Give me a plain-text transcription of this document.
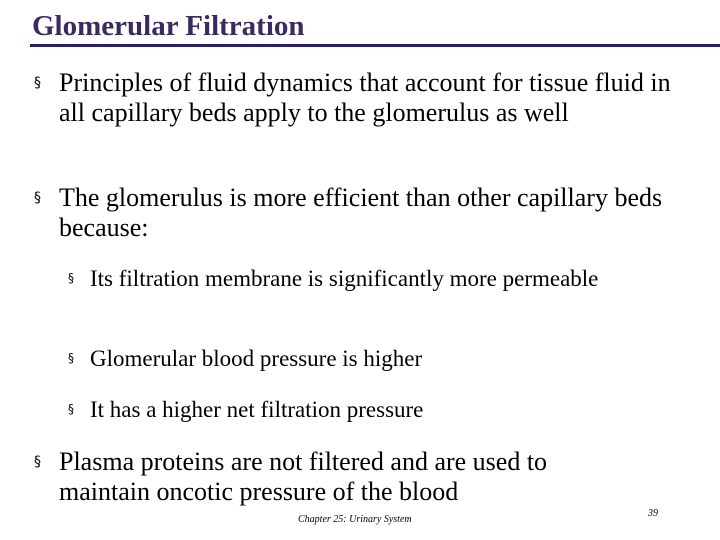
Glomerular Filtration
§ Principles of fluid dynamics that account for tissue fluid in all capillary beds apply to the glomerulus as well
§ The glomerulus is more efficient than other capillary beds because:
§ Its filtration membrane is significantly more permeable
§ Glomerular blood pressure is higher
§ It has a higher net filtration pressure
§ Plasma proteins are not filtered and are used to maintain oncotic pressure of the blood
Chapter 25: Urinary System
39
